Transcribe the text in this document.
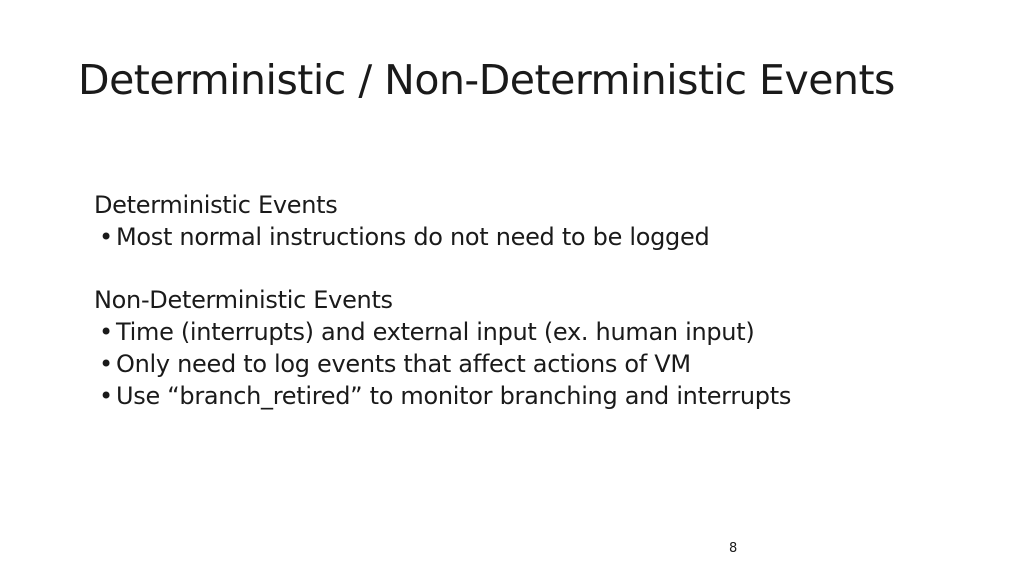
Deterministic / Non-Deterministic Events
Deterministic Events
• Most normal instructions do not need to be logged
Non-Deterministic Events
• Time (interrupts) and external input (ex. human input)
• Only need to log events that affect actions of VM
• Use “branch_retired” to monitor branching and interrupts
8
